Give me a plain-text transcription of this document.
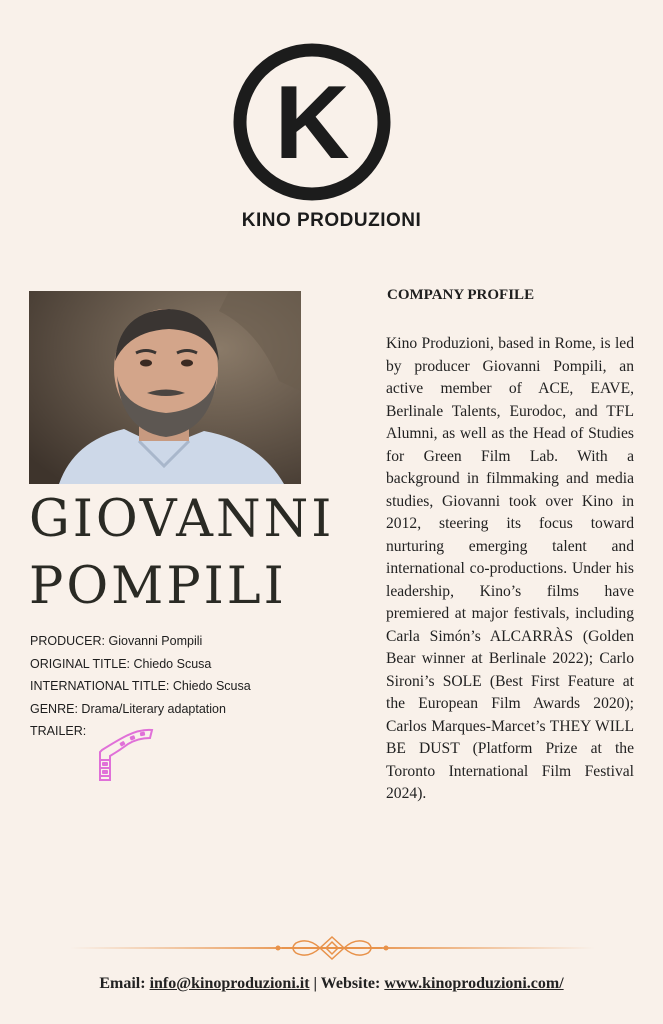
K
KINO PRODUZIONI
GIOVANNI
POMPILI
PRODUCER: Giovanni Pompili
ORIGINAL TITLE: Chiedo Scusa
INTERNATIONAL TITLE: Chiedo Scusa
GENRE: Drama/Literary adaptation
TRAILER:
COMPANY PROFILE

Kino Produzioni, based in Rome, is led by producer Giovanni Pompili, an active member of ACE, EAVE, Berlinale Talents, Eurodoc, and TFL Alumni, as well as the Head of Studies for Green Film Lab. With a background in filmmaking and media studies, Giovanni took over Kino in 2012, steering its focus toward nurturing emerging talent and international co-productions. Under his leadership, Kino’s films have premiered at major festivals, including Carla Simón’s ALCARRÀS (Golden Bear winner at Berlinale 2022); Carlo Sironi’s SOLE (Best First Feature at the European Film Awards 2020); Carlos Marques-Marcet’s THEY WILL BE DUST (Platform Prize at the Toronto International Film Festival 2024).

Email: info@kinoproduzioni.it | Website: www.kinoproduzioni.com/
